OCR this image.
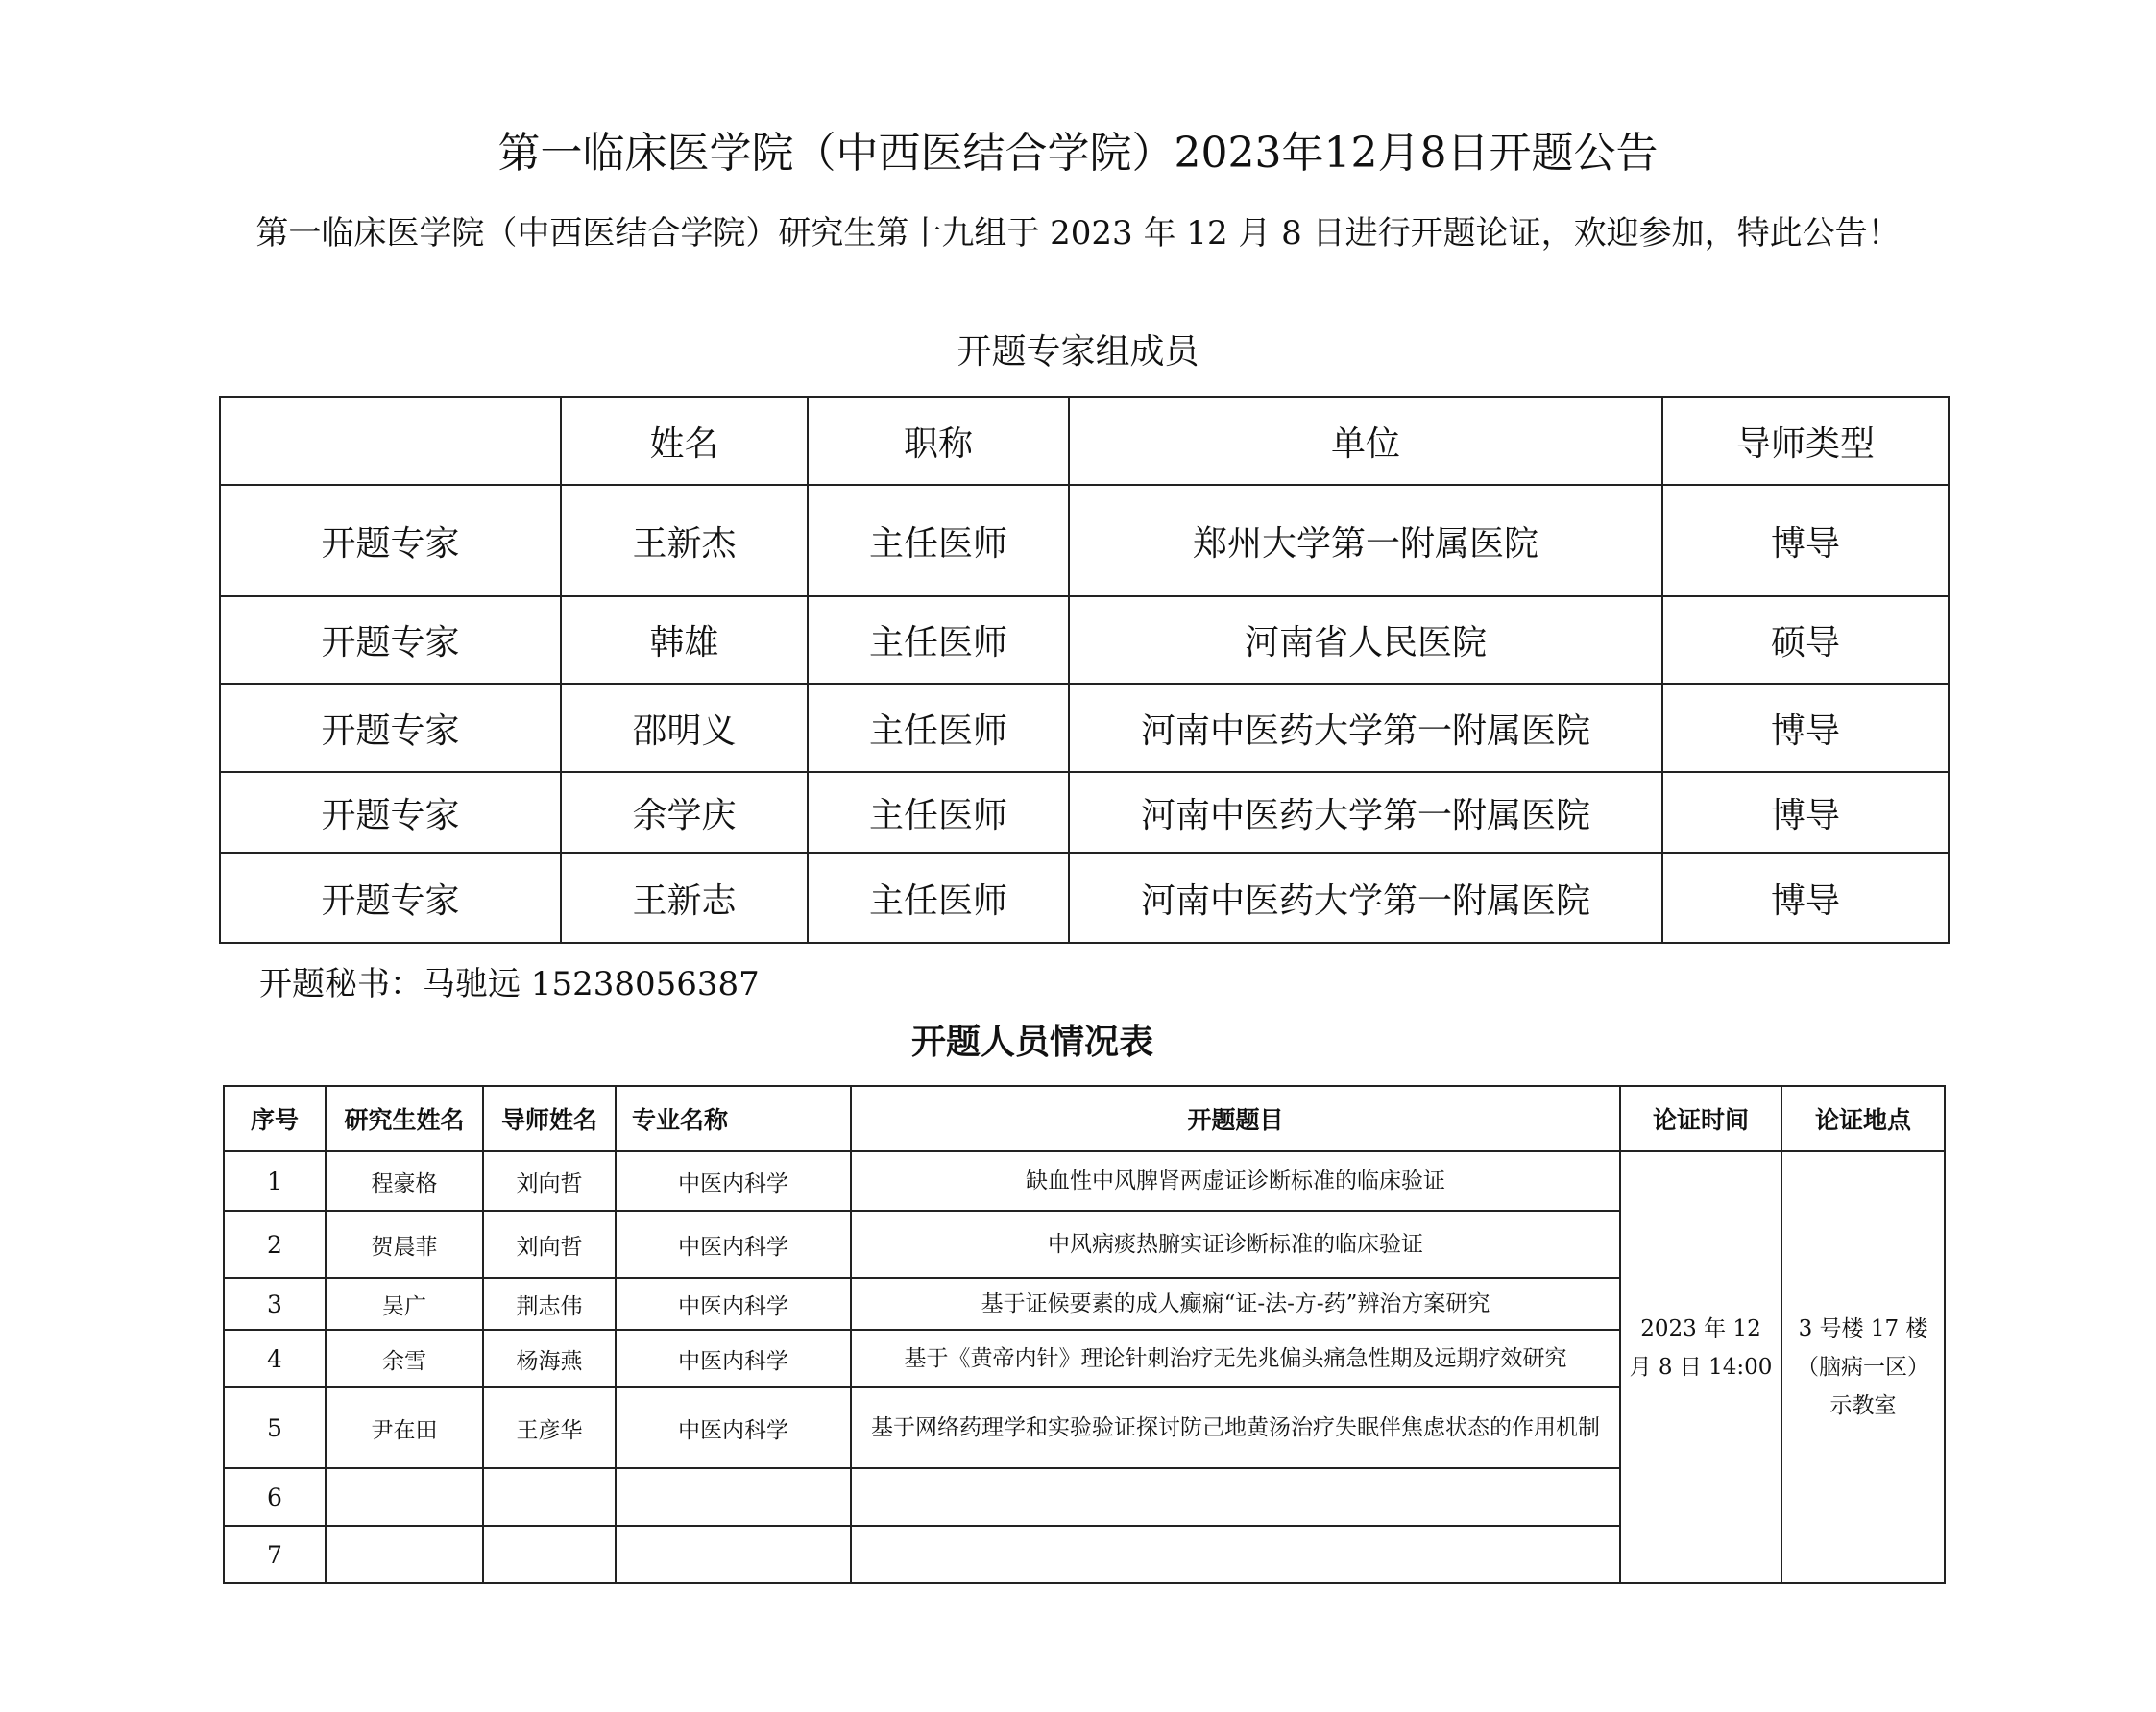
第一临床医学院（中西医结合学院）2023年12月8日开题公告
第一临床医学院（中西医结合学院）研究生第十九组于 2023 年 12 月 8 日进行开题论证，欢迎参加，特此公告！
开题专家组成员
	姓名	职称	单位	导师类型
开题专家	王新杰	主任医师	郑州大学第一附属医院	博导
开题专家	韩雄	主任医师	河南省人民医院	硕导
开题专家	邵明义	主任医师	河南中医药大学第一附属医院	博导
开题专家	余学庆	主任医师	河南中医药大学第一附属医院	博导
开题专家	王新志	主任医师	河南中医药大学第一附属医院	博导
开题秘书：马驰远 15238056387
开题人员情况表
序号	研究生姓名	导师姓名	专业名称	开题题目	论证时间	论证地点
1	程豪格	刘向哲	中医内科学	缺血性中风脾肾两虚证诊断标准的临床验证	2023 年 12 月 8 日 14:00	3 号楼 17 楼（脑病一区）示教室
2	贺晨菲	刘向哲	中医内科学	中风病痰热腑实证诊断标准的临床验证		
3	吴广	荆志伟	中医内科学	基于证候要素的成人癫痫“证-法-方-药”辨治方案研究		
4	余雪	杨海燕	中医内科学	基于《黄帝内针》理论针刺治疗无先兆偏头痛急性期及远期疗效研究		
5	尹在田	王彦华	中医内科学	基于网络药理学和实验验证探讨防己地黄汤治疗失眠伴焦虑状态的作用机制		
6						
7						
